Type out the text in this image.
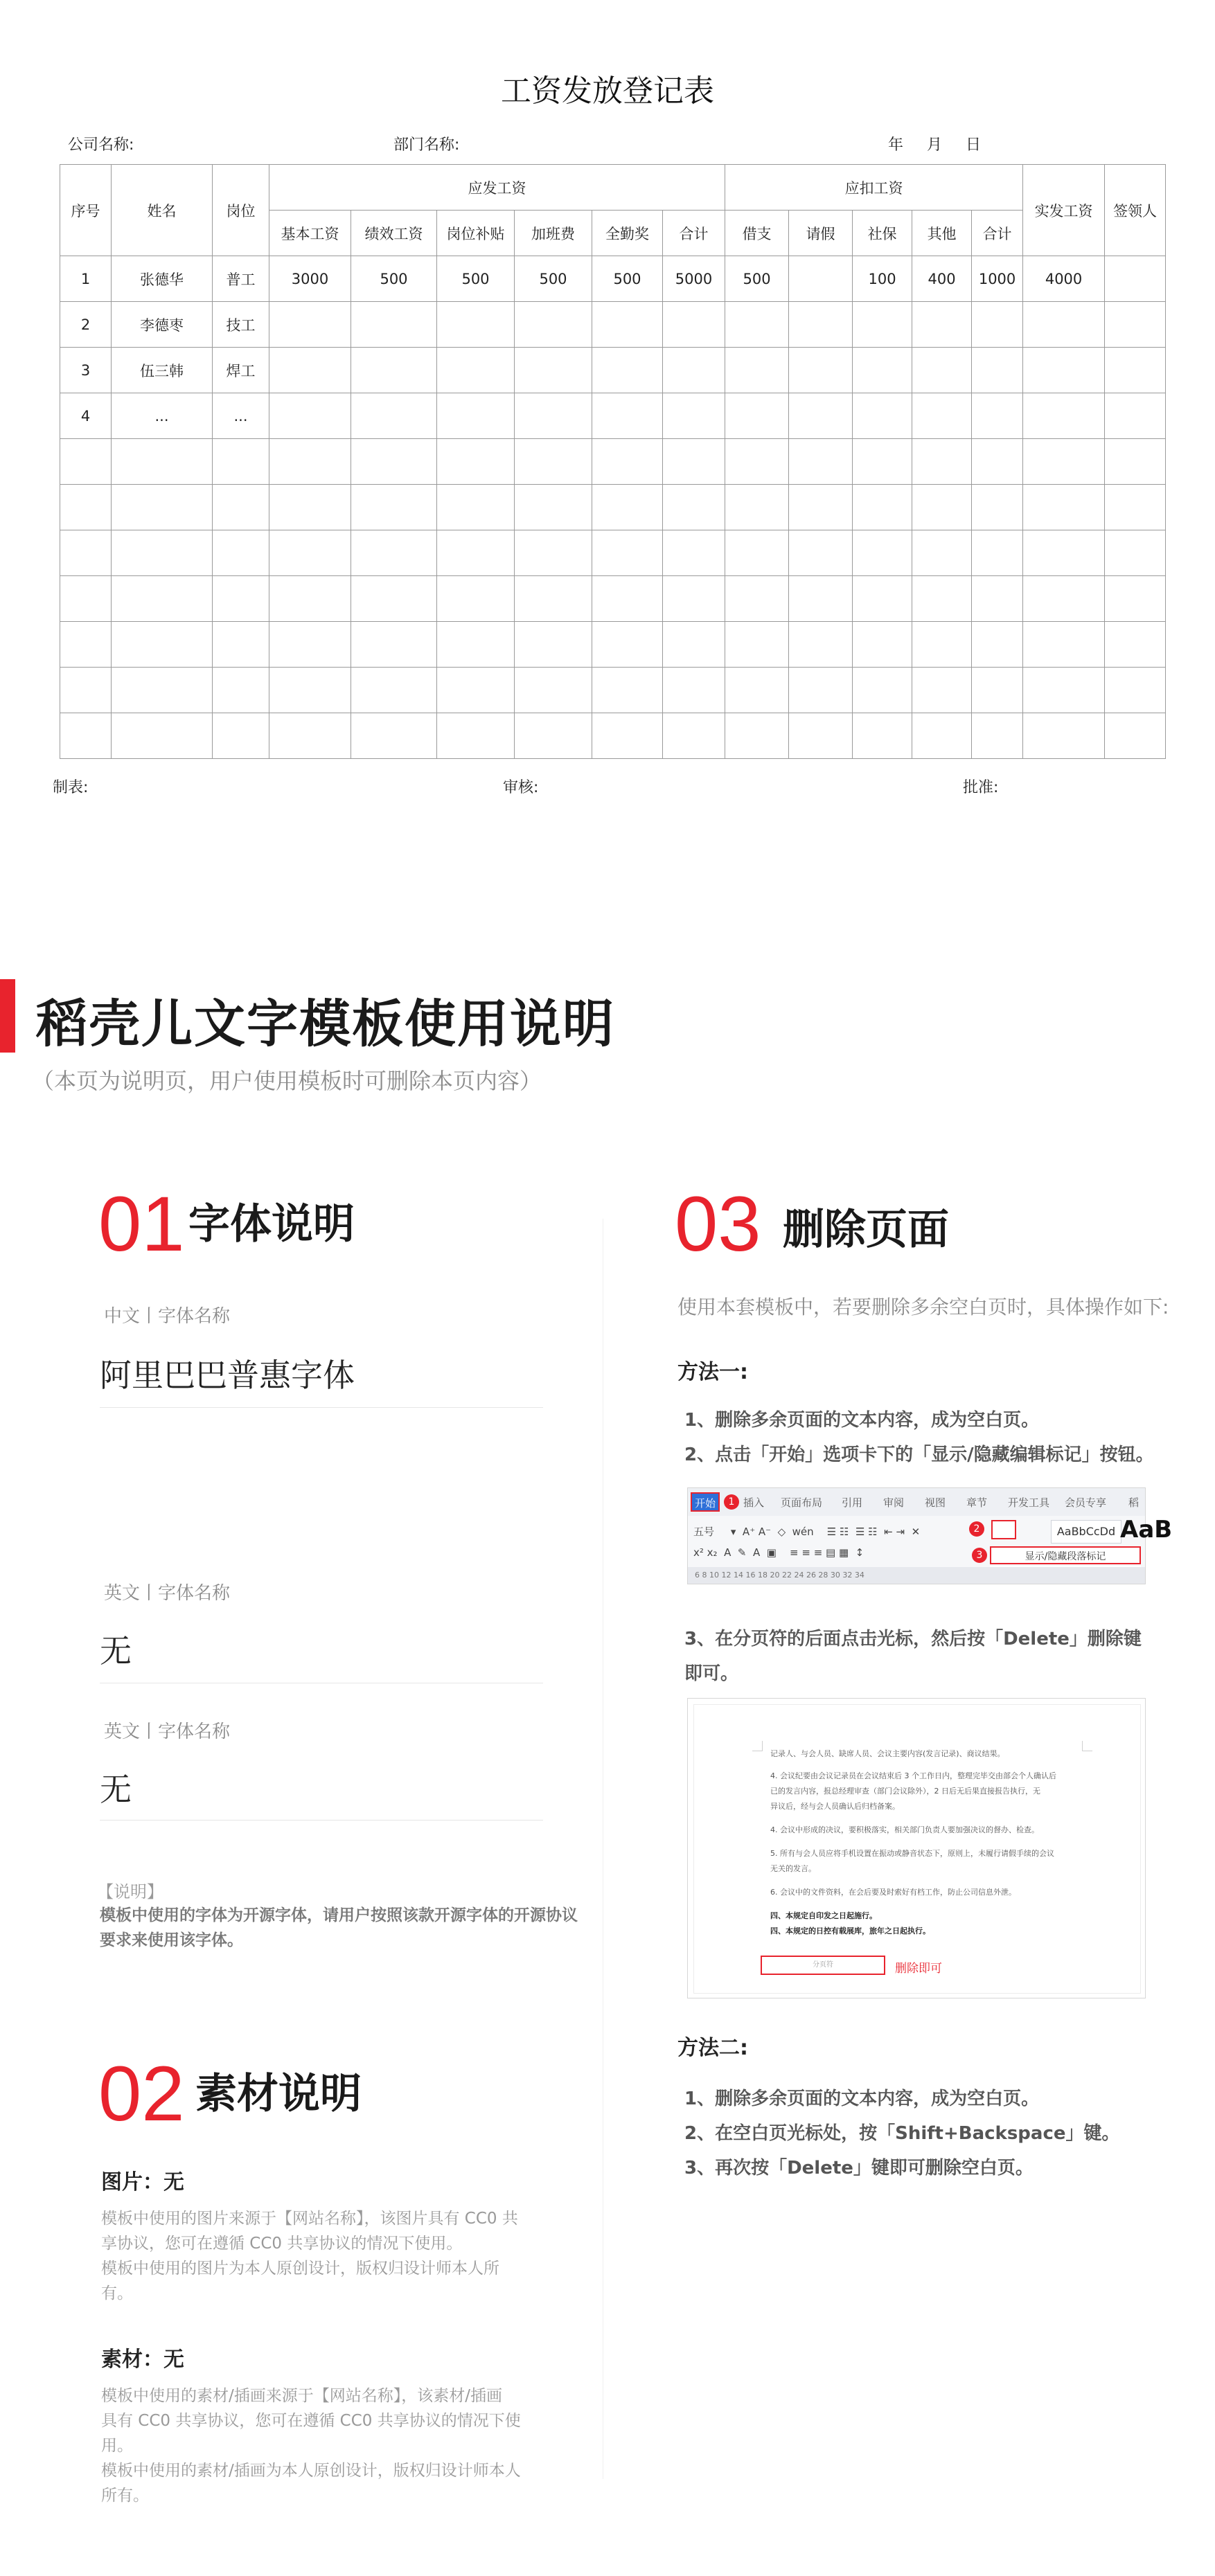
工资发放登记表
公司名称:	部门名称:	年 月 日
序号	姓名	岗位	应发工资						应扣工资					实发工资	签领人
			基本工资	绩效工资	岗位补贴	加班费	全勤奖	合计	借支	请假	社保	其他	合计		
1	张德华	普工	3000	500	500	500	500	5000	500		100	400	1000	4000	
2	李德枣	技工													
3	伍三韩	焊工													
4	...	...													

制表:	审核:	批准:
稻壳儿文字模板使用说明
（本页为说明页，用户使用模板时可删除本页内容）
01 字体说明
中文丨字体名称
阿里巴巴普惠字体
英文丨字体名称
无
英文丨字体名称
无
【说明】
模板中使用的字体为开源字体，请用户按照该款开源字体的开源协议
要求来使用该字体。
02 素材说明
图片：无
模板中使用的图片来源于【网站名称】，该图片具有 CC0 共
享协议，您可在遵循 CC0 共享协议的情况下使用。
模板中使用的图片为本人原创设计，版权归设计师本人所
有。
素材：无
模板中使用的素材/插画来源于【网站名称】，该素材/插画
具有 CC0 共享协议，您可在遵循 CC0 共享协议的情况下使
用。
模板中使用的素材/插画为本人原创设计，版权归设计师本人
所有。
03 删除页面
使用本套模板中，若要删除多余空白页时，具体操作如下:
方法一:
1、删除多余页面的文本内容，成为空白页。
2、点击「开始」选项卡下的「显示/隐藏编辑标记」按钮。
开始	1 插入 页面布局 引用 审阅 视图 章节 开发工具 会员专享 稻
五号     ▾  A⁺ A⁻  ◇  wén    ☰ ☷  ☰ ☷  ⇤ ⇥  ✕	2	AaBbCcDd AaB
x² x₂  A  ✎  A  ▣    ≡ ≡ ≡ ▤ ▦  ↕	3	显示/隐藏段落标记
6 8 10 12 14 16 18 20 22 24 26 28 30 32 34
3、在分页符的后面点击光标，然后按「Delete」删除键
即可。
记录人、与会人员、缺席人员、会议主要内容(发言记录)、商议结果。
4. 会议纪要由会议记录员在会议结束后 3 个工作日内，整理完毕交由部会个人确认后
已的发言内容，报总经理审查（部门会议除外），2 日后无后果直接报告执行，无
异议后，经与会人员确认后归档备案。
4. 会议中形成的决议，要积极落实，相关部门负责人要加强决议的督办、检查。
5. 所有与会人员应将手机设置在振动或静音状态下，原则上，未履行请假手续的会议
无关的发言。
6. 会议中的文件资料，在会后要及时索好有档工作，防止公司信息外泄。
四、本规定自印发之日起施行。
四、本规定的日控有载展库，旅年之日起执行。
分页符	删除即可
方法二:
1、删除多余页面的文本内容，成为空白页。
2、在空白页光标处，按「Shift+Backspace」键。
3、再次按「Delete」键即可删除空白页。
